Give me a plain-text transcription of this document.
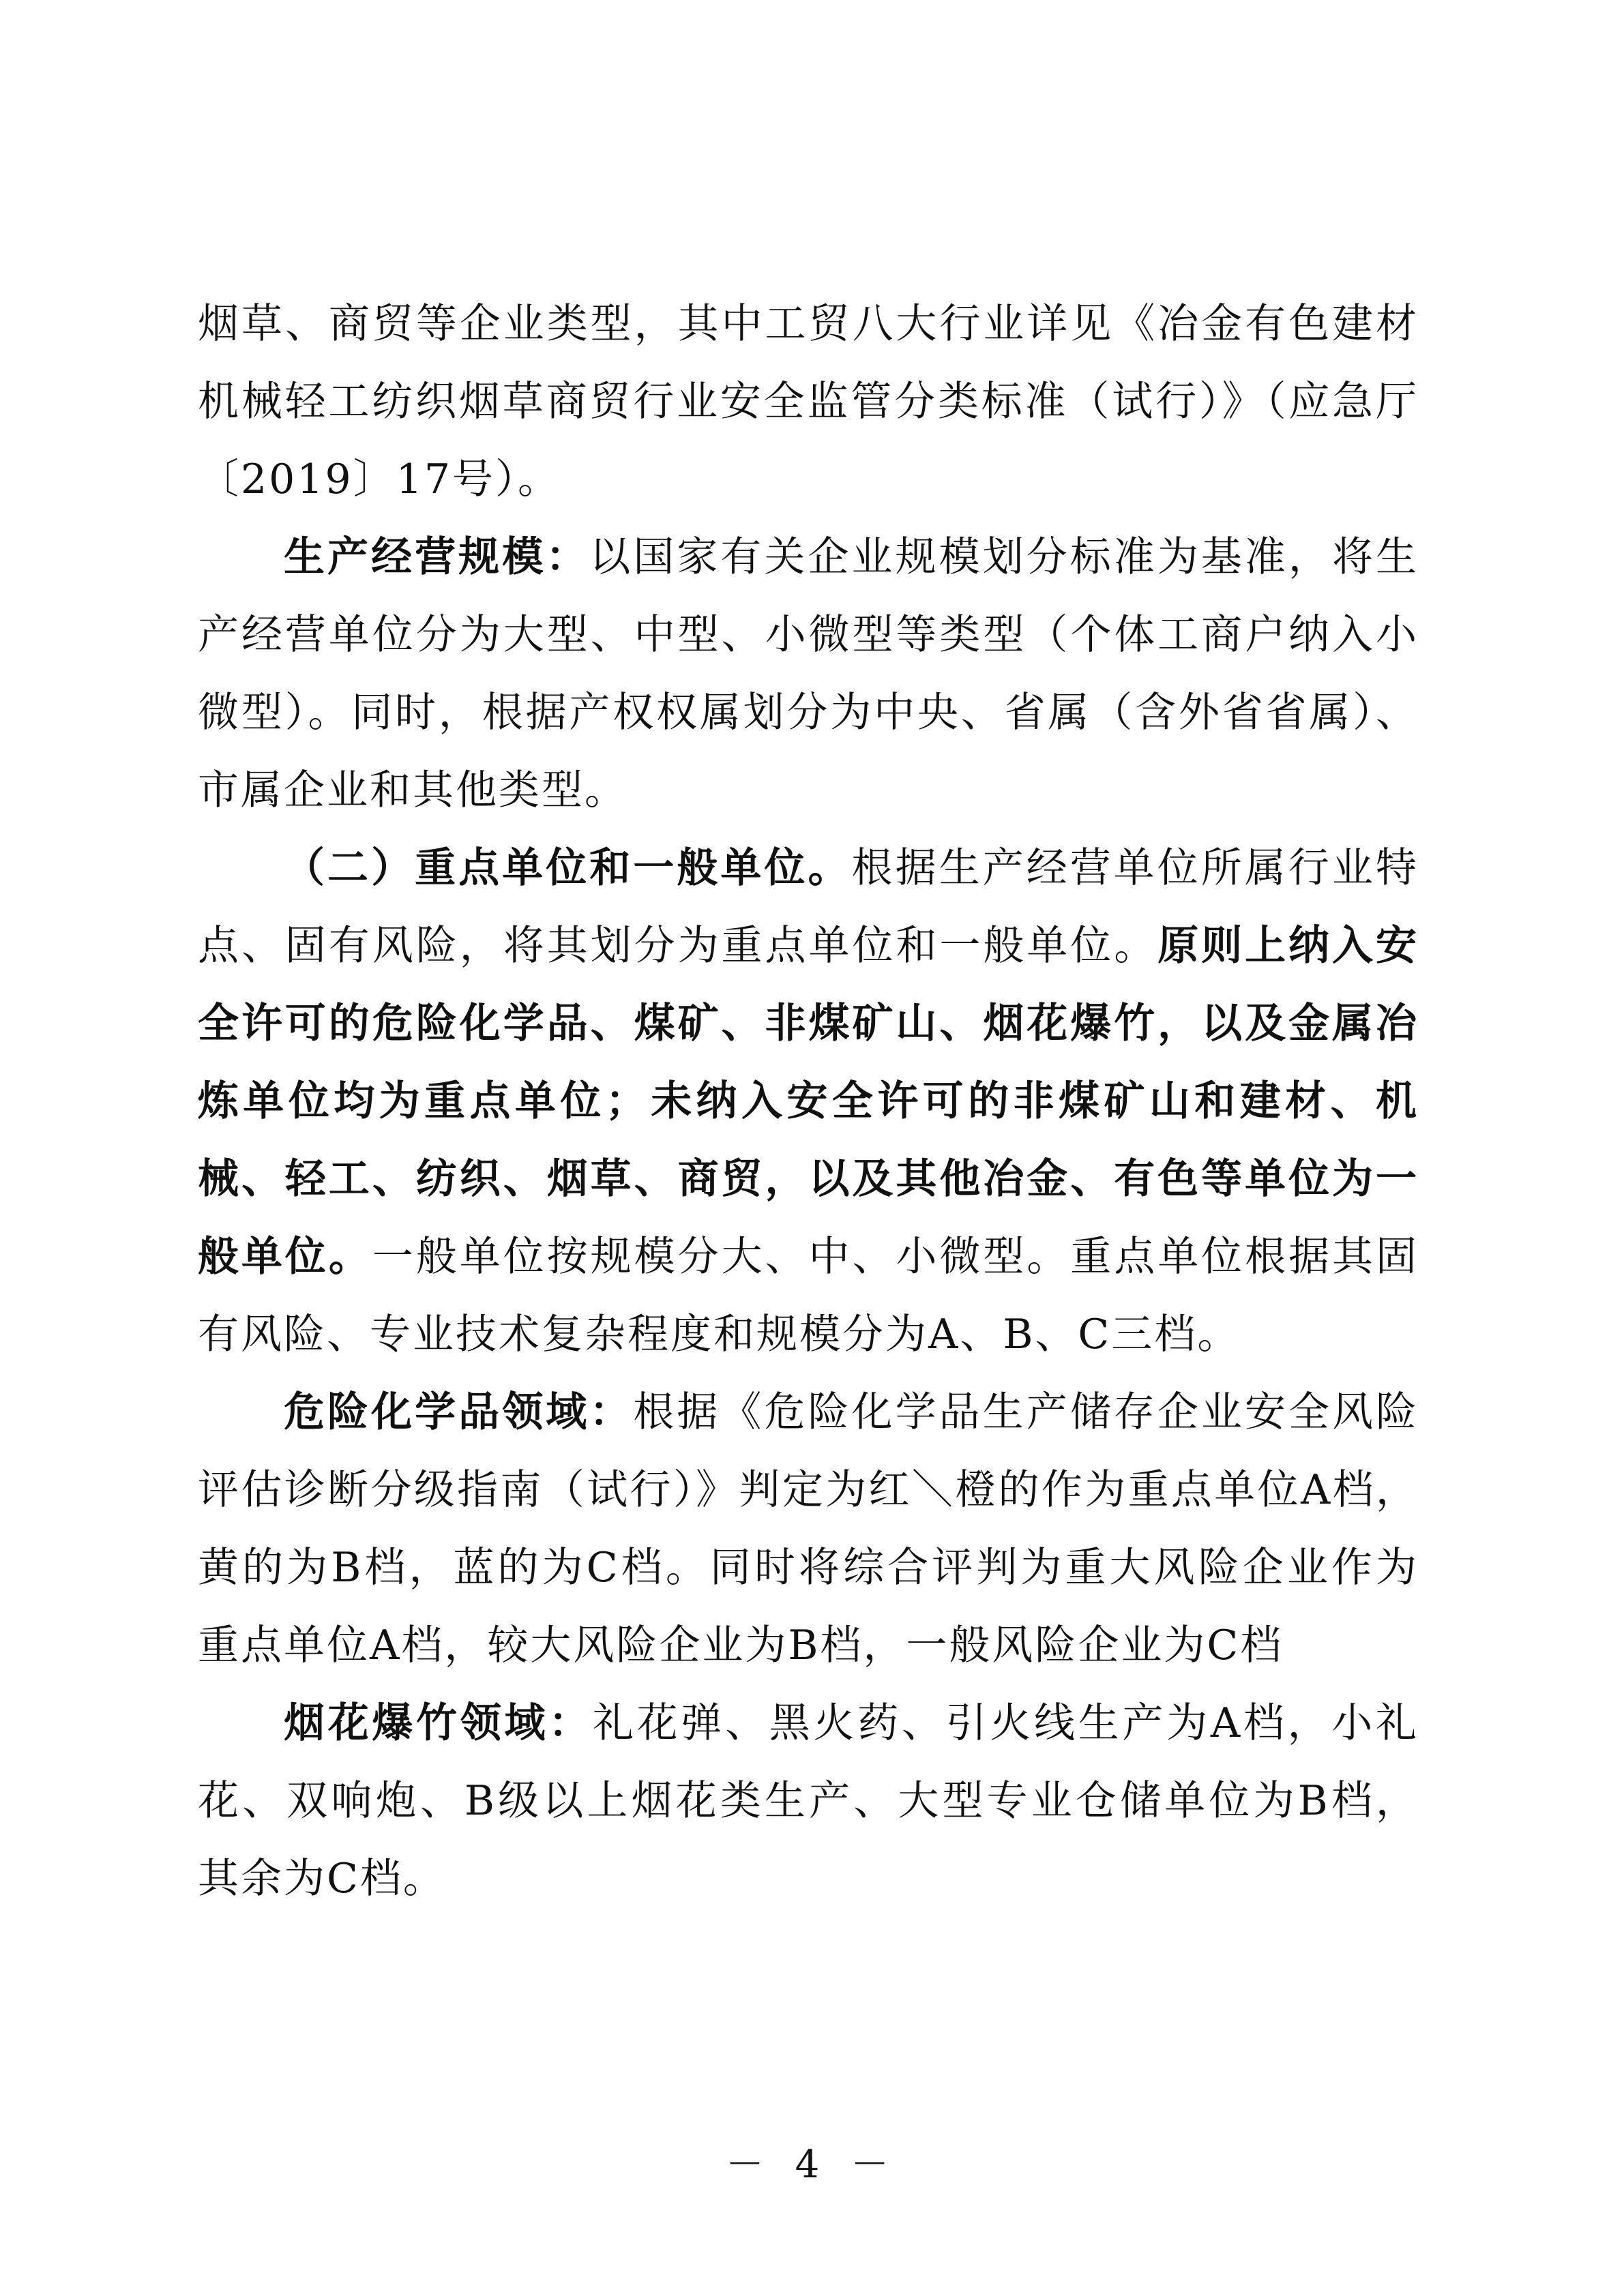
烟草、商贸等企业类型，其中工贸八大行业详见《冶金有色建材机械轻工纺织烟草商贸行业安全监管分类标准（试行）》（应急厅〔2019〕17号）。

生产经营规模：以国家有关企业规模划分标准为基准，将生产经营单位分为大型、中型、小微型等类型（个体工商户纳入小微型）。同时，根据产权权属划分为中央、省属（含外省省属）、市属企业和其他类型。

（二）重点单位和一般单位。根据生产经营单位所属行业特点、固有风险，将其划分为重点单位和一般单位。原则上纳入安全许可的危险化学品、煤矿、非煤矿山、烟花爆竹，以及金属冶炼单位均为重点单位；未纳入安全许可的非煤矿山和建材、机械、轻工、纺织、烟草、商贸，以及其他冶金、有色等单位为一般单位。一般单位按规模分大、中、小微型。重点单位根据其固有风险、专业技术复杂程度和规模分为A、B、C三档。

危险化学品领域：根据《危险化学品生产储存企业安全风险评估诊断分级指南（试行）》判定为红＼橙的作为重点单位A档，黄的为B档，蓝的为C档。同时将综合评判为重大风险企业作为重点单位A档，较大风险企业为B档，一般风险企业为C档

烟花爆竹领域：礼花弹、黑火药、引火线生产为A档，小礼花、双响炮、B级以上烟花类生产、大型专业仓储单位为B档，其余为C档。

－ 4 －
